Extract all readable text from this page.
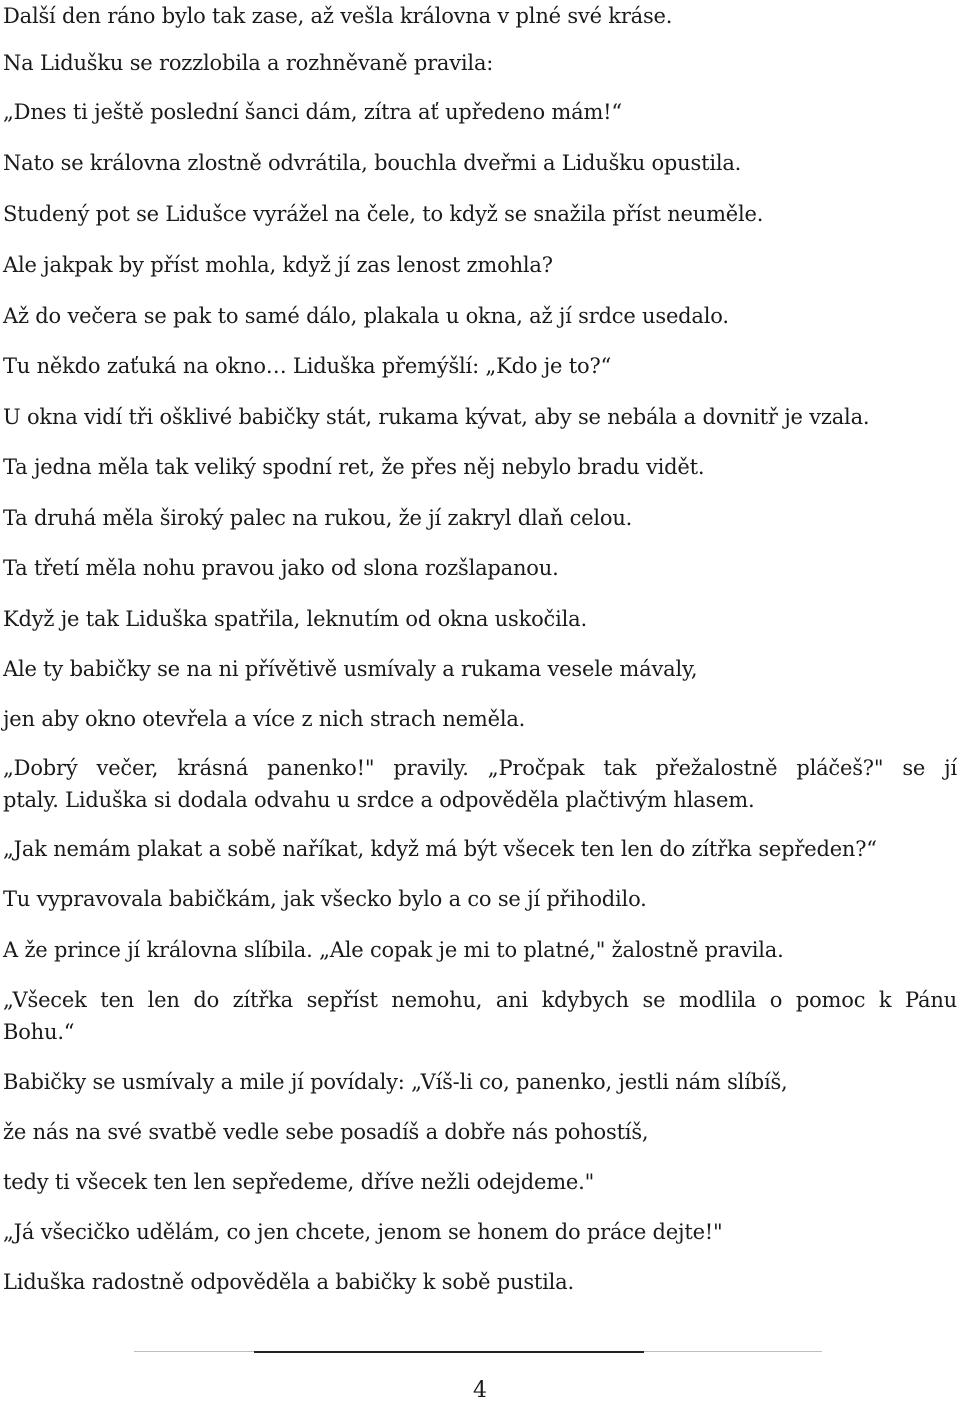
Další den ráno bylo tak zase, až vešla královna v plné své kráse.
Na Lidušku se rozzlobila a rozhněvaně pravila:
„Dnes ti ještě poslední šanci dám, zítra ať upředeno mám!“
Nato se královna zlostně odvrátila, bouchla dveřmi a Lidušku opustila.
Studený pot se Lidušce vyrážel na čele, to když se snažila příst neuměle.
Ale jakpak by příst mohla, když jí zas lenost zmohla?
Až do večera se pak to samé dálo, plakala u okna, až jí srdce usedalo.
Tu někdo zaťuká na okno… Liduška přemýšlí: „Kdo je to?“
U okna vidí tři ošklivé babičky stát, rukama kývat, aby se nebála a dovnitř je vzala.
Ta jedna měla tak veliký spodní ret, že přes něj nebylo bradu vidět.
Ta druhá měla široký palec na rukou, že jí zakryl dlaň celou.
Ta třetí měla nohu pravou jako od slona rozšlapanou.
Když je tak Liduška spatřila, leknutím od okna uskočila.
Ale ty babičky se na ni přívětivě usmívaly a rukama vesele mávaly,
jen aby okno otevřela a více z nich strach neměla.
„Dobrý večer, krásná panenko!" pravily. „Pročpak tak přežalostně pláčeš?" se jí
ptaly. Liduška si dodala odvahu u srdce a odpověděla plačtivým hlasem.
„Jak nemám plakat a sobě naříkat, když má být všecek ten len do zítřka sepředen?“
Tu vypravovala babičkám, jak všecko bylo a co se jí přihodilo.
A že prince jí královna slíbila. „Ale copak je mi to platné," žalostně pravila.
„Všecek ten len do zítřka sepříst nemohu, ani kdybych se modlila o pomoc k Pánu
Bohu.“
Babičky se usmívaly a mile jí povídaly: „Víš-li co, panenko, jestli nám slíbíš,
že nás na své svatbě vedle sebe posadíš a dobře nás pohostíš,
tedy ti všecek ten len sepředeme, dříve nežli odejdeme."
„Já všecičko udělám, co jen chcete, jenom se honem do práce dejte!"
Liduška radostně odpověděla a babičky k sobě pustila.
4
